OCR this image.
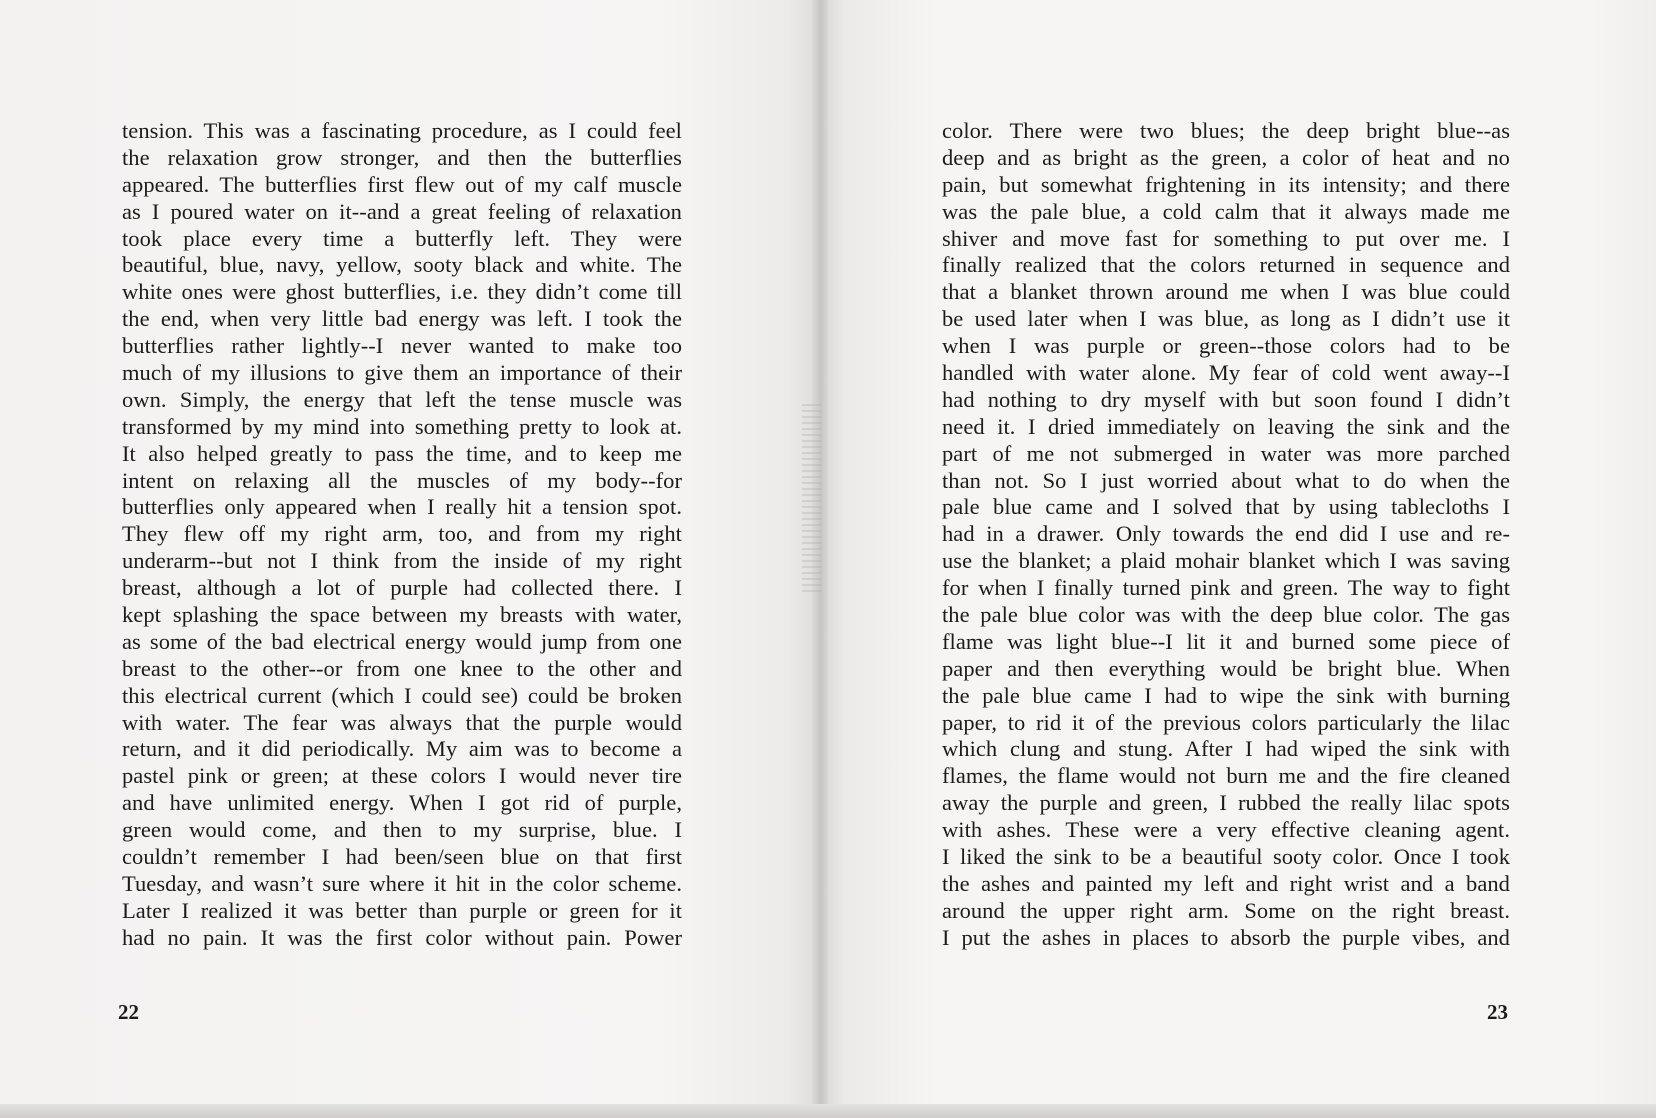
tension. This was a fascinating procedure, as I could feel
the relaxation grow stronger, and then the butterflies
appeared. The butterflies first flew out of my calf muscle
as I poured water on it--and a great feeling of relaxation
took place every time a butterfly left. They were
beautiful, blue, navy, yellow, sooty black and white. The
white ones were ghost butterflies, i.e. they didn’t come till
the end, when very little bad energy was left. I took the
butterflies rather lightly--I never wanted to make too
much of my illusions to give them an importance of their
own. Simply, the energy that left the tense muscle was
transformed by my mind into something pretty to look at.
It also helped greatly to pass the time, and to keep me
intent on relaxing all the muscles of my body--for
butterflies only appeared when I really hit a tension spot.
They flew off my right arm, too, and from my right
underarm--but not I think from the inside of my right
breast, although a lot of purple had collected there. I
kept splashing the space between my breasts with water,
as some of the bad electrical energy would jump from one
breast to the other--or from one knee to the other and
this electrical current (which I could see) could be broken
with water. The fear was always that the purple would
return, and it did periodically. My aim was to become a
pastel pink or green; at these colors I would never tire
and have unlimited energy. When I got rid of purple,
green would come, and then to my surprise, blue. I
couldn’t remember I had been/seen blue on that first
Tuesday, and wasn’t sure where it hit in the color scheme.
Later I realized it was better than purple or green for it
had no pain. It was the first color without pain. Power
22
color. There were two blues; the deep bright blue--as
deep and as bright as the green, a color of heat and no
pain, but somewhat frightening in its intensity; and there
was the pale blue, a cold calm that it always made me
shiver and move fast for something to put over me. I
finally realized that the colors returned in sequence and
that a blanket thrown around me when I was blue could
be used later when I was blue, as long as I didn’t use it
when I was purple or green--those colors had to be
handled with water alone. My fear of cold went away--I
had nothing to dry myself with but soon found I didn’t
need it. I dried immediately on leaving the sink and the
part of me not submerged in water was more parched
than not. So I just worried about what to do when the
pale blue came and I solved that by using tablecloths I
had in a drawer. Only towards the end did I use and re-
use the blanket; a plaid mohair blanket which I was saving
for when I finally turned pink and green. The way to fight
the pale blue color was with the deep blue color. The gas
flame was light blue--I lit it and burned some piece of
paper and then everything would be bright blue. When
the pale blue came I had to wipe the sink with burning
paper, to rid it of the previous colors particularly the lilac
which clung and stung. After I had wiped the sink with
flames, the flame would not burn me and the fire cleaned
away the purple and green, I rubbed the really lilac spots
with ashes. These were a very effective cleaning agent.
I liked the sink to be a beautiful sooty color. Once I took
the ashes and painted my left and right wrist and a band
around the upper right arm. Some on the right breast.
I put the ashes in places to absorb the purple vibes, and
23
